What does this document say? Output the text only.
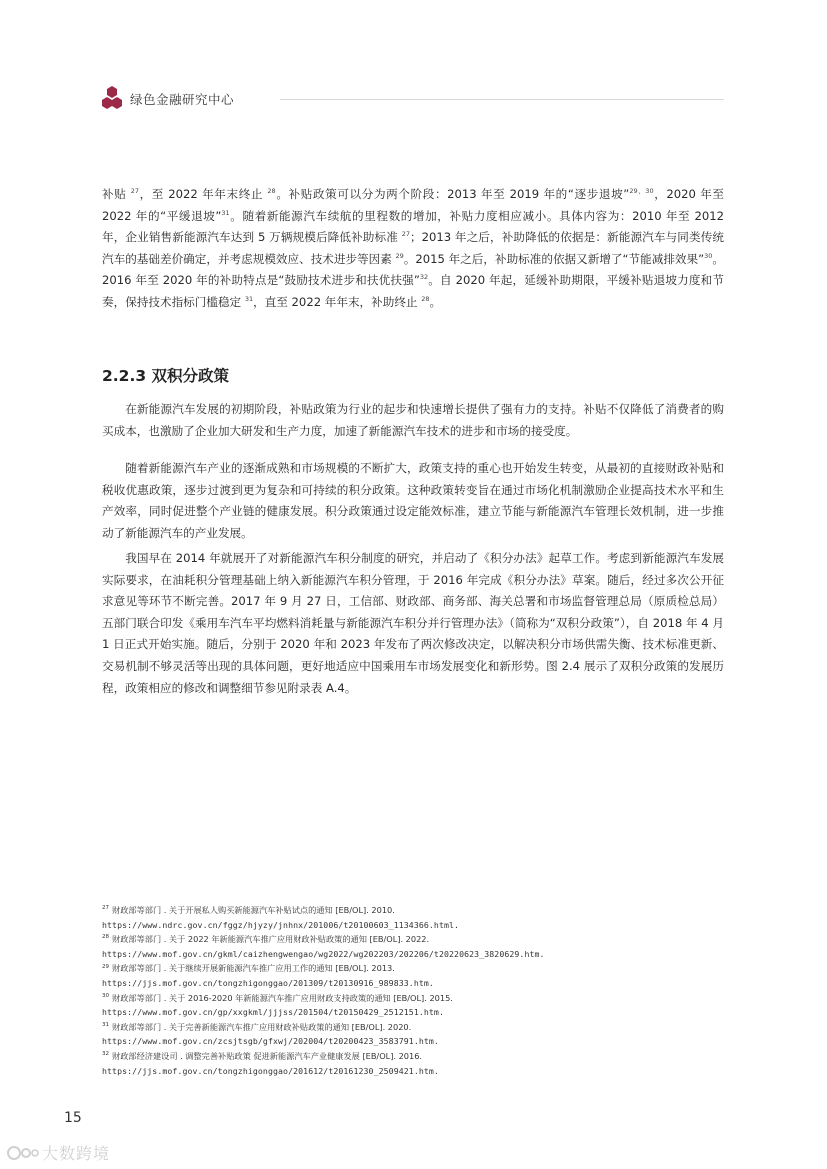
绿色金融研究中心

补贴 $^{27}$，至 2022 年年末终止 $^{28}$。补贴政策可以分为两个阶段：2013 年至 2019 年的“逐步退坡”$^{29、30}$，2020 年至 2022 年的“平缓退坡”$^{31}$。随着新能源汽车续航的里程数的增加，补贴力度相应减小。具体内容为：2010 年至 2012 年，企业销售新能源汽车达到 5 万辆规模后降低补助标准 $^{27}$；2013 年之后，补助降低的依据是：新能源汽车与同类传统汽车的基础差价确定，并考虑规模效应、技术进步等因素 $^{29}$。2015 年之后，补助标准的依据又新增了“节能减排效果”$^{30}$。2016 年至 2020 年的补助特点是“鼓励技术进步和扶优扶强”$^{32}$。自 2020 年起，延缓补助期限，平缓补贴退坡力度和节奏，保持技术指标门槛稳定 $^{31}$，直至 2022 年年末，补助终止 $^{28}$。

2.2.3 双积分政策

在新能源汽车发展的初期阶段，补贴政策为行业的起步和快速增长提供了强有力的支持。补贴不仅降低了消费者的购买成本，也激励了企业加大研发和生产力度，加速了新能源汽车技术的进步和市场的接受度。

随着新能源汽车产业的逐渐成熟和市场规模的不断扩大，政策支持的重心也开始发生转变，从最初的直接财政补贴和税收优惠政策，逐步过渡到更为复杂和可持续的积分政策。这种政策转变旨在通过市场化机制激励企业提高技术水平和生产效率，同时促进整个产业链的健康发展。积分政策通过设定能效标准，建立节能与新能源汽车管理长效机制，进一步推动了新能源汽车的产业发展。

我国早在 2014 年就展开了对新能源汽车积分制度的研究，并启动了《积分办法》起草工作。考虑到新能源汽车发展实际要求，在油耗积分管理基础上纳入新能源汽车积分管理，于 2016 年完成《积分办法》草案。随后，经过多次公开征求意见等环节不断完善。2017 年 9 月 27 日，工信部、财政部、商务部、海关总署和市场监督管理总局（原质检总局）五部门联合印发《乘用车汽车平均燃料消耗量与新能源汽车积分并行管理办法》（简称为“双积分政策”），自 2018 年 4 月 1 日正式开始实施。随后，分别于 2020 年和 2023 年发布了两次修改决定，以解决积分市场供需失衡、技术标准更新、交易机制不够灵活等出现的具体问题，更好地适应中国乘用车市场发展变化和新形势。图 2.4 展示了双积分政策的发展历程，政策相应的修改和调整细节参见附录表 A.4。

$^{27}$ 财政部等部门 . 关于开展私人购买新能源汽车补贴试点的通知 [EB/OL]. 2010.
https://www.ndrc.gov.cn/fggz/hjyzy/jnhnx/201006/t20100603_1134366.html.
$^{28}$ 财政部等部门 . 关于 2022 年新能源汽车推广应用财政补贴政策的通知 [EB/OL]. 2022.
https://www.mof.gov.cn/gkml/caizhengwengao/wg2022/wg202203/202206/t20220623_3820629.htm.
$^{29}$ 财政部等部门 . 关于继续开展新能源汽车推广应用工作的通知 [EB/OL]. 2013.
https://jjs.mof.gov.cn/tongzhigonggao/201309/t20130916_989833.htm.
$^{30}$ 财政部等部门 . 关于 2016-2020 年新能源汽车推广应用财政支持政策的通知 [EB/OL]. 2015.
https://www.mof.gov.cn/gp/xxgkml/jjjss/201504/t20150429_2512151.htm.
$^{31}$ 财政部等部门 . 关于完善新能源汽车推广应用财政补贴政策的通知 [EB/OL]. 2020.
https://www.mof.gov.cn/zcsjtsgb/gfxwj/202004/t20200423_3583791.htm.
$^{32}$ 财政部经济建设司 . 调整完善补贴政策 促进新能源汽车产业健康发展 [EB/OL]. 2016.
https://jjs.mof.gov.cn/tongzhigonggao/201612/t20161230_2509421.htm.
15
大数跨境
